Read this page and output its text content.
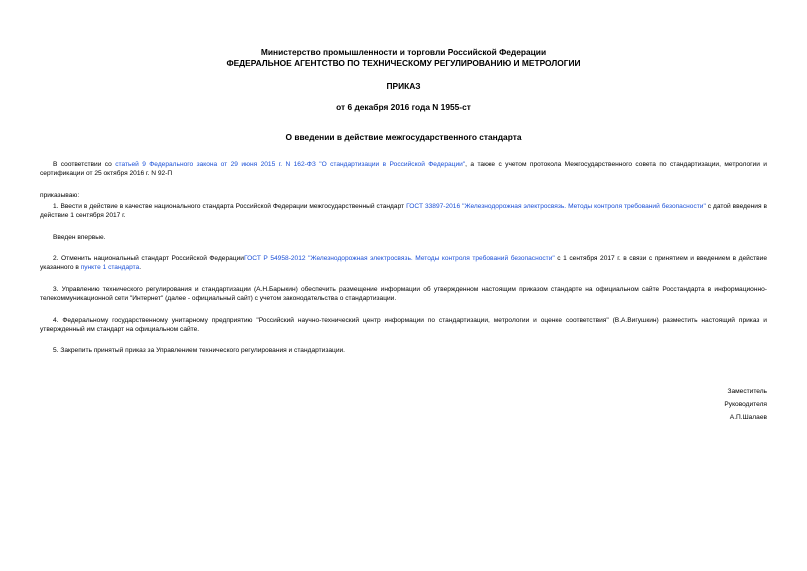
Министерство промышленности и торговли Российской Федерации
ФЕДЕРАЛЬНОЕ АГЕНТСТВО ПО ТЕХНИЧЕСКОМУ РЕГУЛИРОВАНИЮ И МЕТРОЛОГИИ
ПРИКАЗ
от 6 декабря 2016 года N 1955-ст
О введении в действие межгосударственного стандарта
В соответствии со статьей 9 Федерального закона от 29 июня 2015 г. N 162-ФЗ "О стандартизации в Российской Федерации", а также с учетом протокола Межгосударственного совета по стандартизации, метрологии и сертификации от 25 октября 2016 г. N 92-П
приказываю:
1. Ввести в действие в качестве национального стандарта Российской Федерации межгосударственный стандарт ГОСТ 33897-2016 "Железнодорожная электросвязь. Методы контроля требований безопасности" с датой введения в действие 1 сентября 2017 г.
Введен впервые.
2. Отменить национальный стандарт Российской ФедерацииГОСТ Р 54958-2012 "Железнодорожная электросвязь. Методы контроля требований безопасности" с 1 сентября 2017 г. в связи с принятием и введением в действие указанного в пункте 1 стандарта.
3. Управлению технического регулирования и стандартизации (А.Н.Барыкин) обеспечить размещение информации об утвержденном настоящим приказом стандарте на официальном сайте Росстандарта в информационно-телекоммуникационной сети "Интернет" (далее - официальный сайт) с учетом законодательства о стандартизации.
4. Федеральному государственному унитарному предприятию "Российский научно-технический центр информации по стандартизации, метрологии и оценке соответствия" (В.А.Вигушкин) разместить настоящий приказ и утвержденный им стандарт на официальном сайте.
5. Закрепить принятый приказ за Управлением технического регулирования и стандартизации.
Заместитель
Руководителя
А.П.Шалаев
